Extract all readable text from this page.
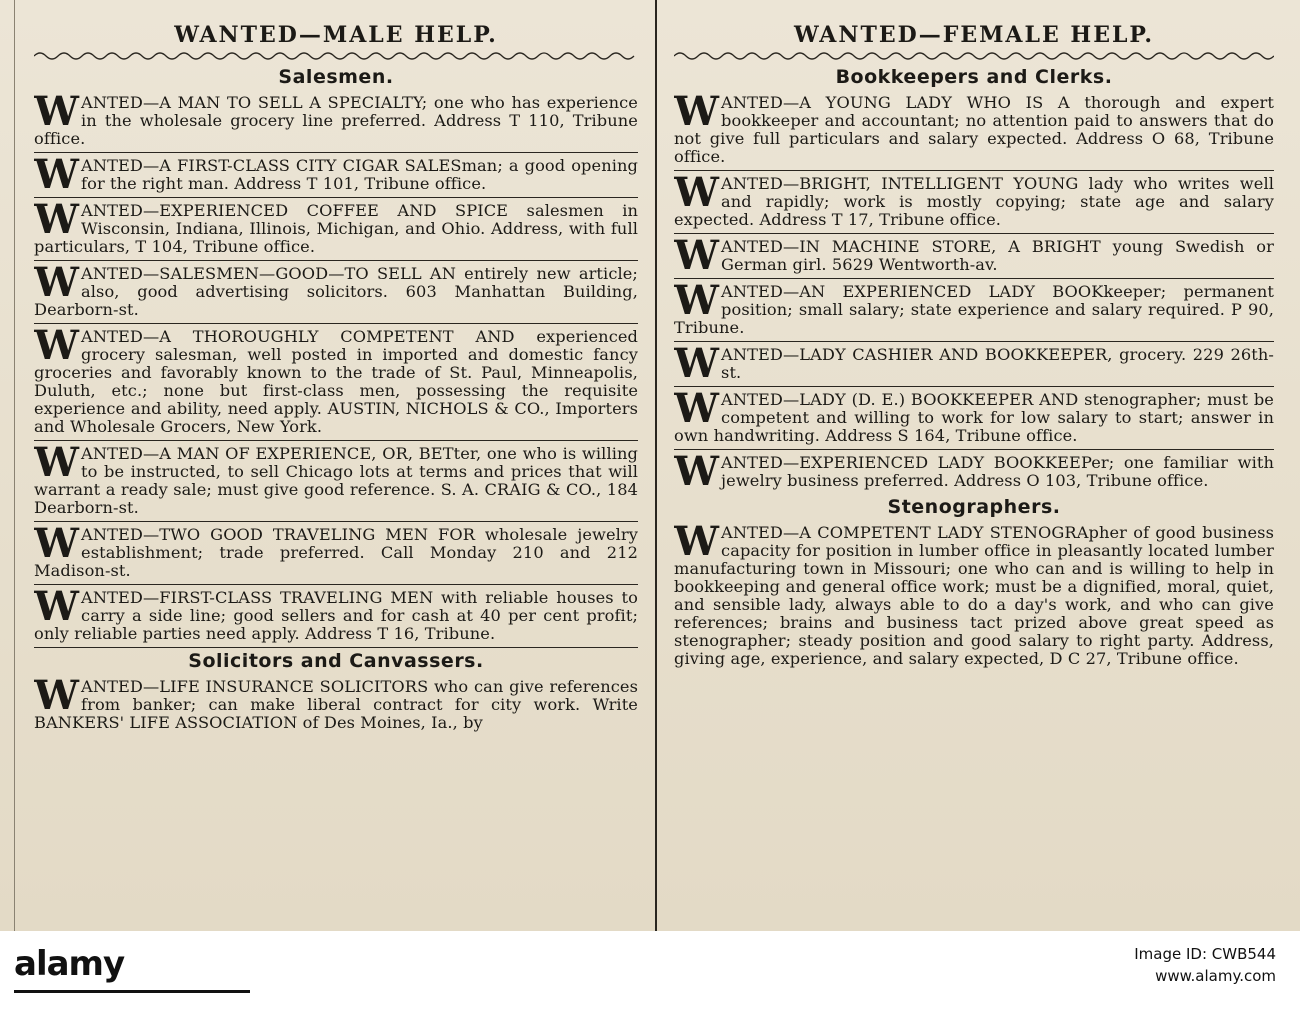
WANTED—MALE HELP.
Salesmen.

WANTED—A MAN TO SELL A SPECIALTY; one who has experience in the wholesale grocery line preferred. Address T 110, Tribune office.

WANTED—A FIRST-CLASS CITY CIGAR SALESman; a good opening for the right man. Address T 101, Tribune office.

WANTED—EXPERIENCED COFFEE AND SPICE salesmen in Wisconsin, Indiana, Illinois, Michigan, and Ohio. Address, with full particulars, T 104, Tribune office.

WANTED—SALESMEN—GOOD—TO SELL AN entirely new article; also, good advertising solicitors. 603 Manhattan Building, Dearborn-st.

WANTED—A THOROUGHLY COMPETENT AND experienced grocery salesman, well posted in imported and domestic fancy groceries and favorably known to the trade of St. Paul, Minneapolis, Duluth, etc.; none but first-class men, possessing the requisite experience and ability, need apply. AUSTIN, NICHOLS & CO., Importers and Wholesale Grocers, New York.

WANTED—A MAN OF EXPERIENCE, OR, BETter, one who is willing to be instructed, to sell Chicago lots at terms and prices that will warrant a ready sale; must give good reference. S. A. CRAIG & CO., 184 Dearborn-st.

WANTED—TWO GOOD TRAVELING MEN FOR wholesale jewelry establishment; trade preferred. Call Monday 210 and 212 Madison-st.

WANTED—FIRST-CLASS TRAVELING MEN with reliable houses to carry a side line; good sellers and for cash at 40 per cent profit; only reliable parties need apply. Address T 16, Tribune.

Solicitors and Canvassers.

WANTED—LIFE INSURANCE SOLICITORS who can give references from banker; can make liberal contract for city work. Write BANKERS' LIFE ASSOCIATION of Des Moines, Ia., by

WANTED—FEMALE HELP.
Bookkeepers and Clerks.

WANTED—A YOUNG LADY WHO IS A thorough and expert bookkeeper and accountant; no attention paid to answers that do not give full particulars and salary expected. Address O 68, Tribune office.

WANTED—BRIGHT, INTELLIGENT YOUNG lady who writes well and rapidly; work is mostly copying; state age and salary expected. Address T 17, Tribune office.

WANTED—IN MACHINE STORE, A BRIGHT young Swedish or German girl. 5629 Wentworth-av.

WANTED—AN EXPERIENCED LADY BOOKkeeper; permanent position; small salary; state experience and salary required. P 90, Tribune.

WANTED—LADY CASHIER AND BOOKKEEPER, grocery. 229 26th-st.

WANTED—LADY (D. E.) BOOKKEEPER AND stenographer; must be competent and willing to work for low salary to start; answer in own handwriting. Address S 164, Tribune office.

WANTED—EXPERIENCED LADY BOOKKEEPer; one familiar with jewelry business preferred. Address O 103, Tribune office.

Stenographers.

WANTED—A COMPETENT LADY STENOGRApher of good business capacity for position in lumber office in pleasantly located lumber manufacturing town in Missouri; one who can and is willing to help in bookkeeping and general office work; must be a dignified, moral, quiet, and sensible lady, always able to do a day's work, and who can give references; brains and business tact prized above great speed as stenographer; steady position and good salary to right party. Address, giving age, experience, and salary expected, D C 27, Tribune office.

alamy	Image ID: CWB544
www.alamy.com
